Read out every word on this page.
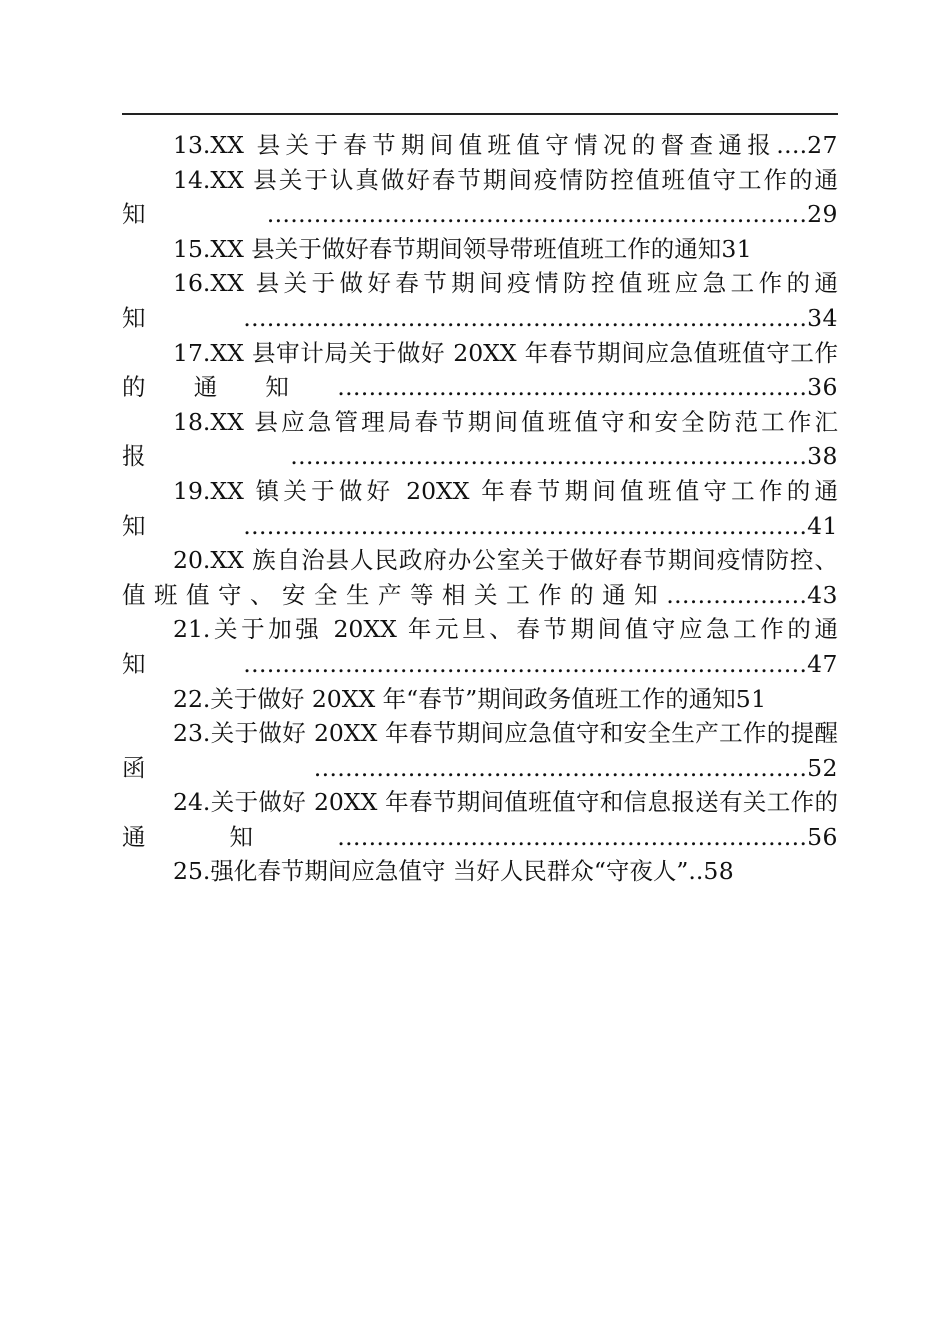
13.XX 县关于春节期间值班值守情况的督查通报….27
14.XX 县关于认真做好春节期间疫情防控值班值守工作的通知……………………………………………………………29
15.XX 县关于做好春节期间领导带班值班工作的通知31
16.XX 县关于做好春节期间疫情防控值班应急工作的通知………………………………………………………………34
17.XX 县审计局关于做好 20XX 年春节期间应急值班值守工作的通知……………………………………………………36
18.XX 县应急管理局春节期间值班值守和安全防范工作汇报…………………………………………………………38
19.XX 镇关于做好 20XX 年春节期间值班值守工作的通知………………………………………………………………41
20.XX 族自治县人民政府办公室关于做好春节期间疫情防控、值班值守、安全生产等相关工作的通知………………43
21.关于加强 20XX 年元旦、春节期间值守应急工作的通知………………………………………………………………47
22.关于做好 20XX 年“春节”期间政务值班工作的通知51
23.关于做好 20XX 年春节期间应急值守和安全生产工作的提醒函………………………………………………………52
24.关于做好 20XX 年春节期间值班值守和信息报送有关工作的通知……………………………………………………56
25.强化春节期间应急值守 当好人民群众“守夜人”..58
